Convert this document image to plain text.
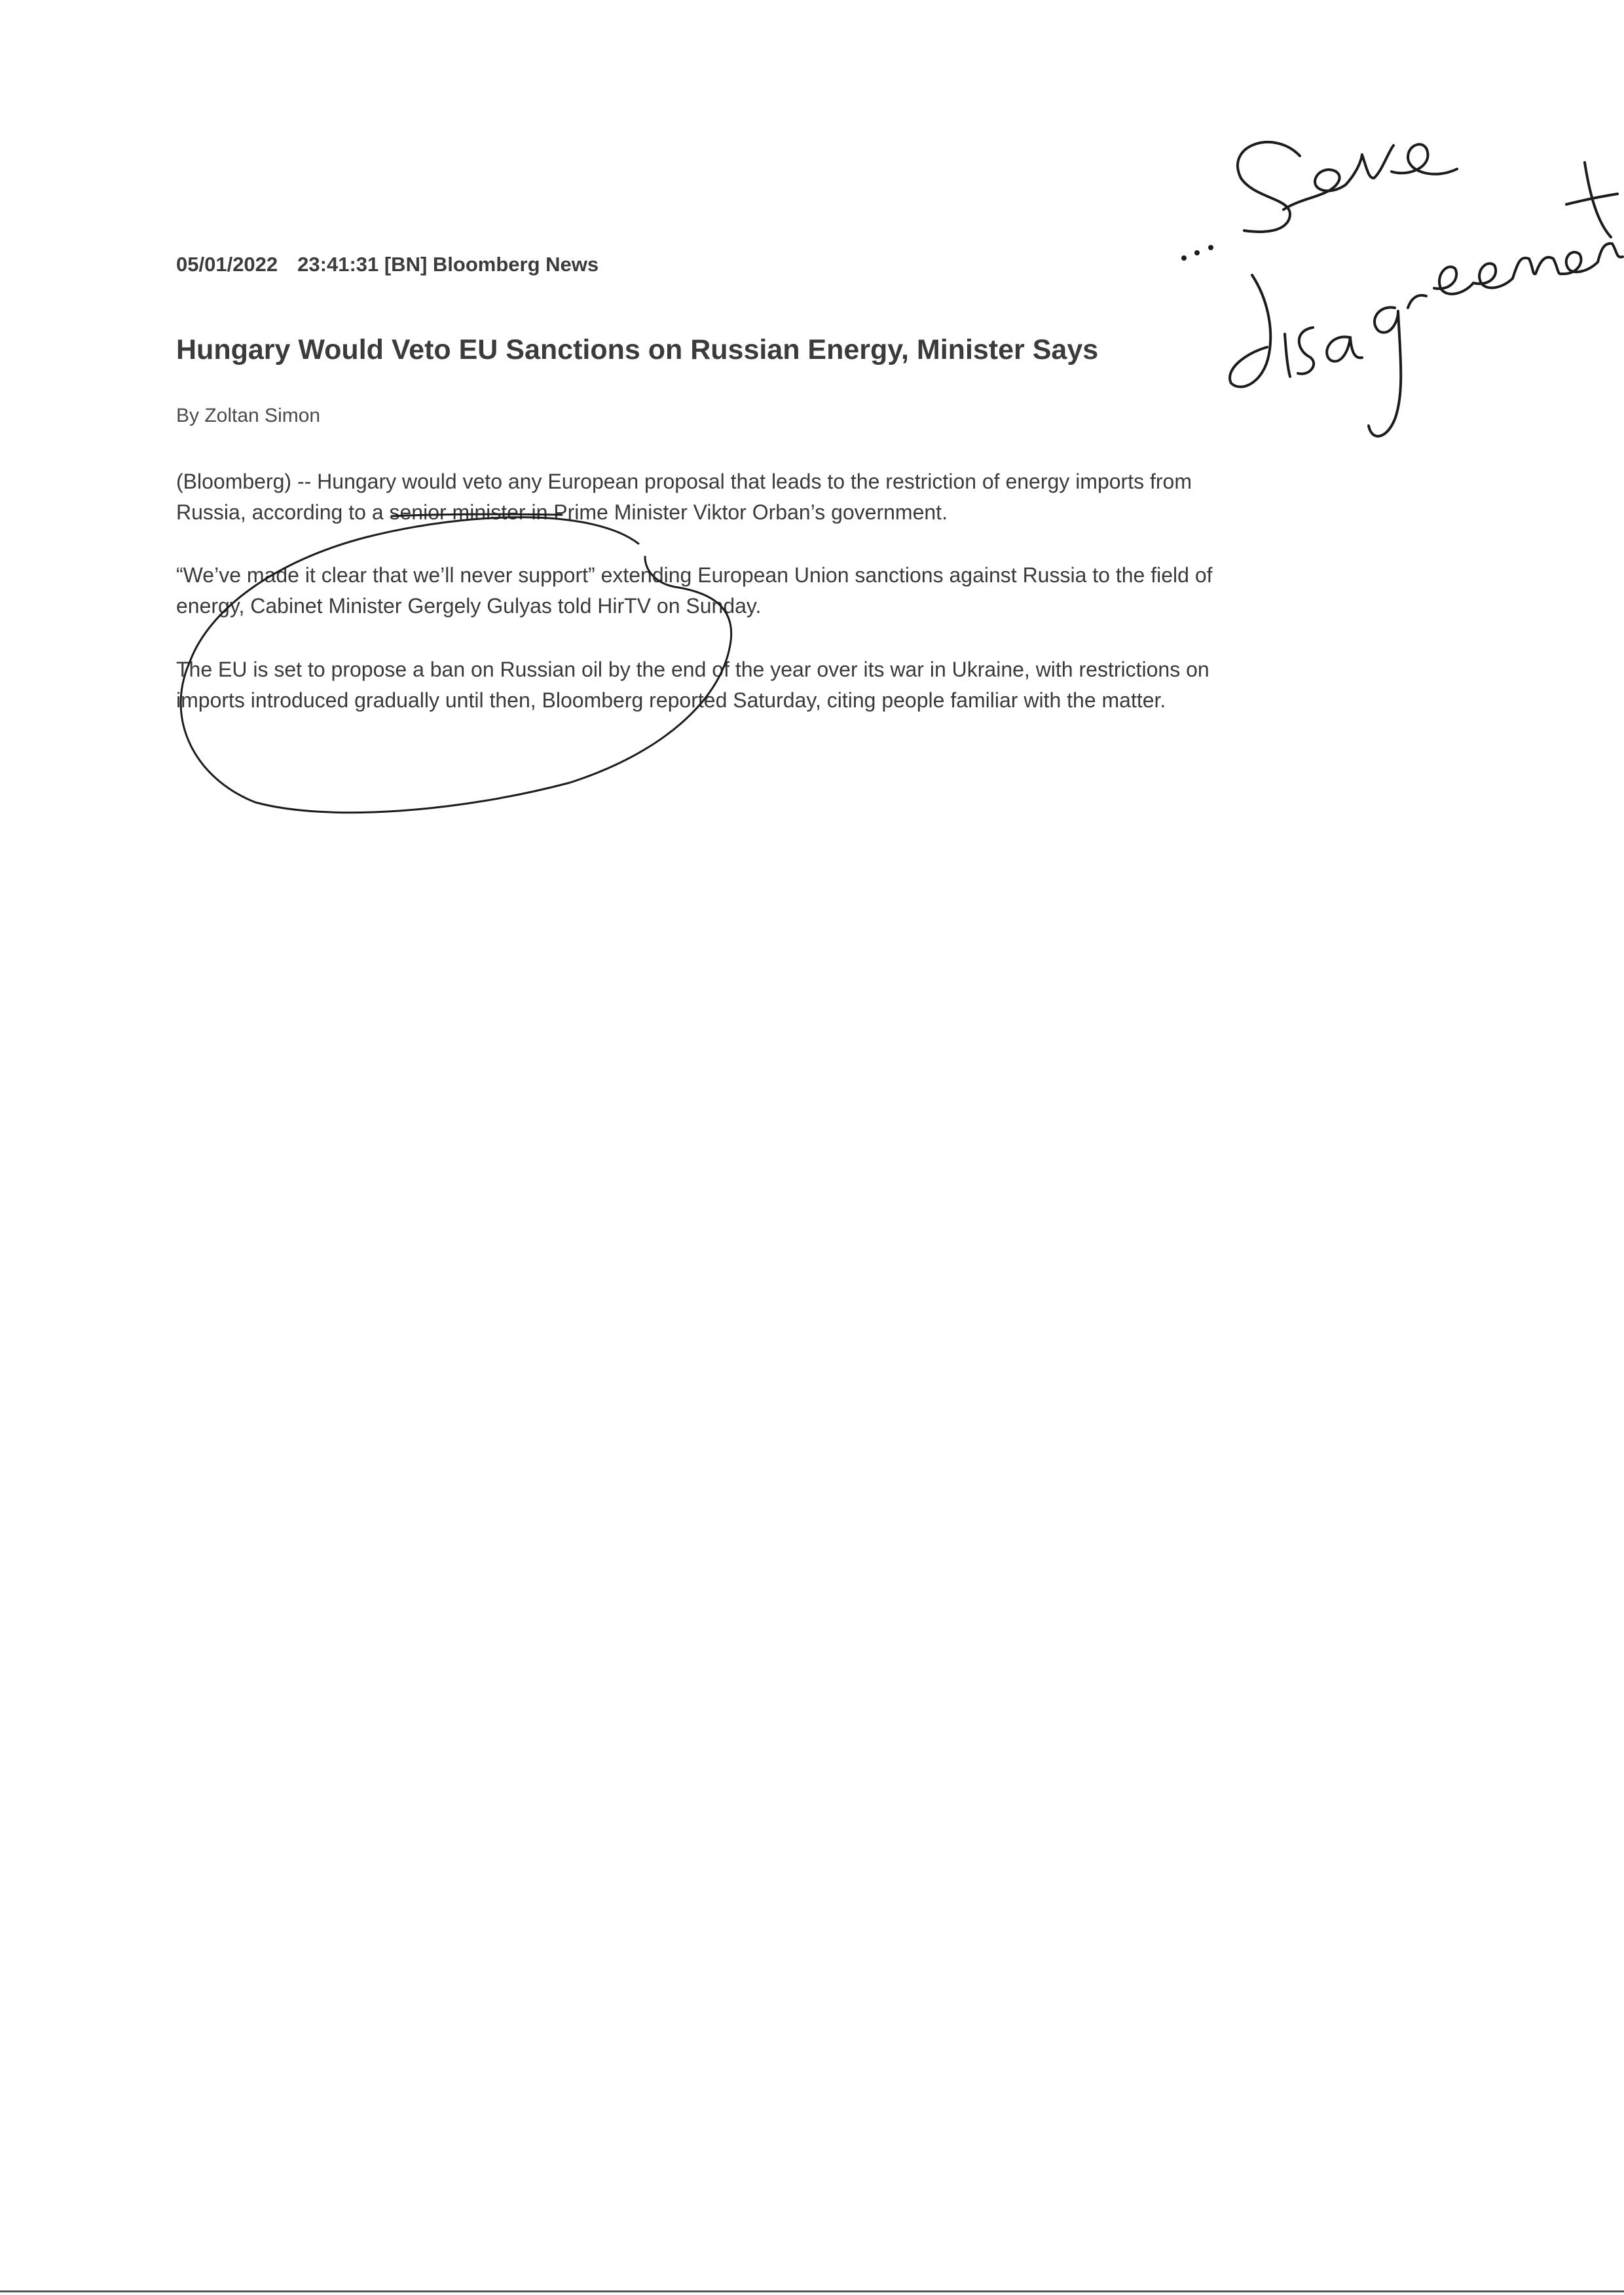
05/01/2022 23:41:31 [BN] Bloomberg News
Hungary Would Veto EU Sanctions on Russian Energy, Minister Says
By Zoltan Simon
(Bloomberg) -- Hungary would veto any European proposal that leads to the restriction of energy imports from
Russia, according to a senior minister in Prime Minister Viktor Orban’s government.
“We’ve made it clear that we’ll never support” extending European Union sanctions against Russia to the field of
energy, Cabinet Minister Gergely Gulyas told HirTV on Sunday.
The EU is set to propose a ban on Russian oil by the end of the year over its war in Ukraine, with restrictions on
imports introduced gradually until then, Bloomberg reported Saturday, citing people familiar with the matter.
